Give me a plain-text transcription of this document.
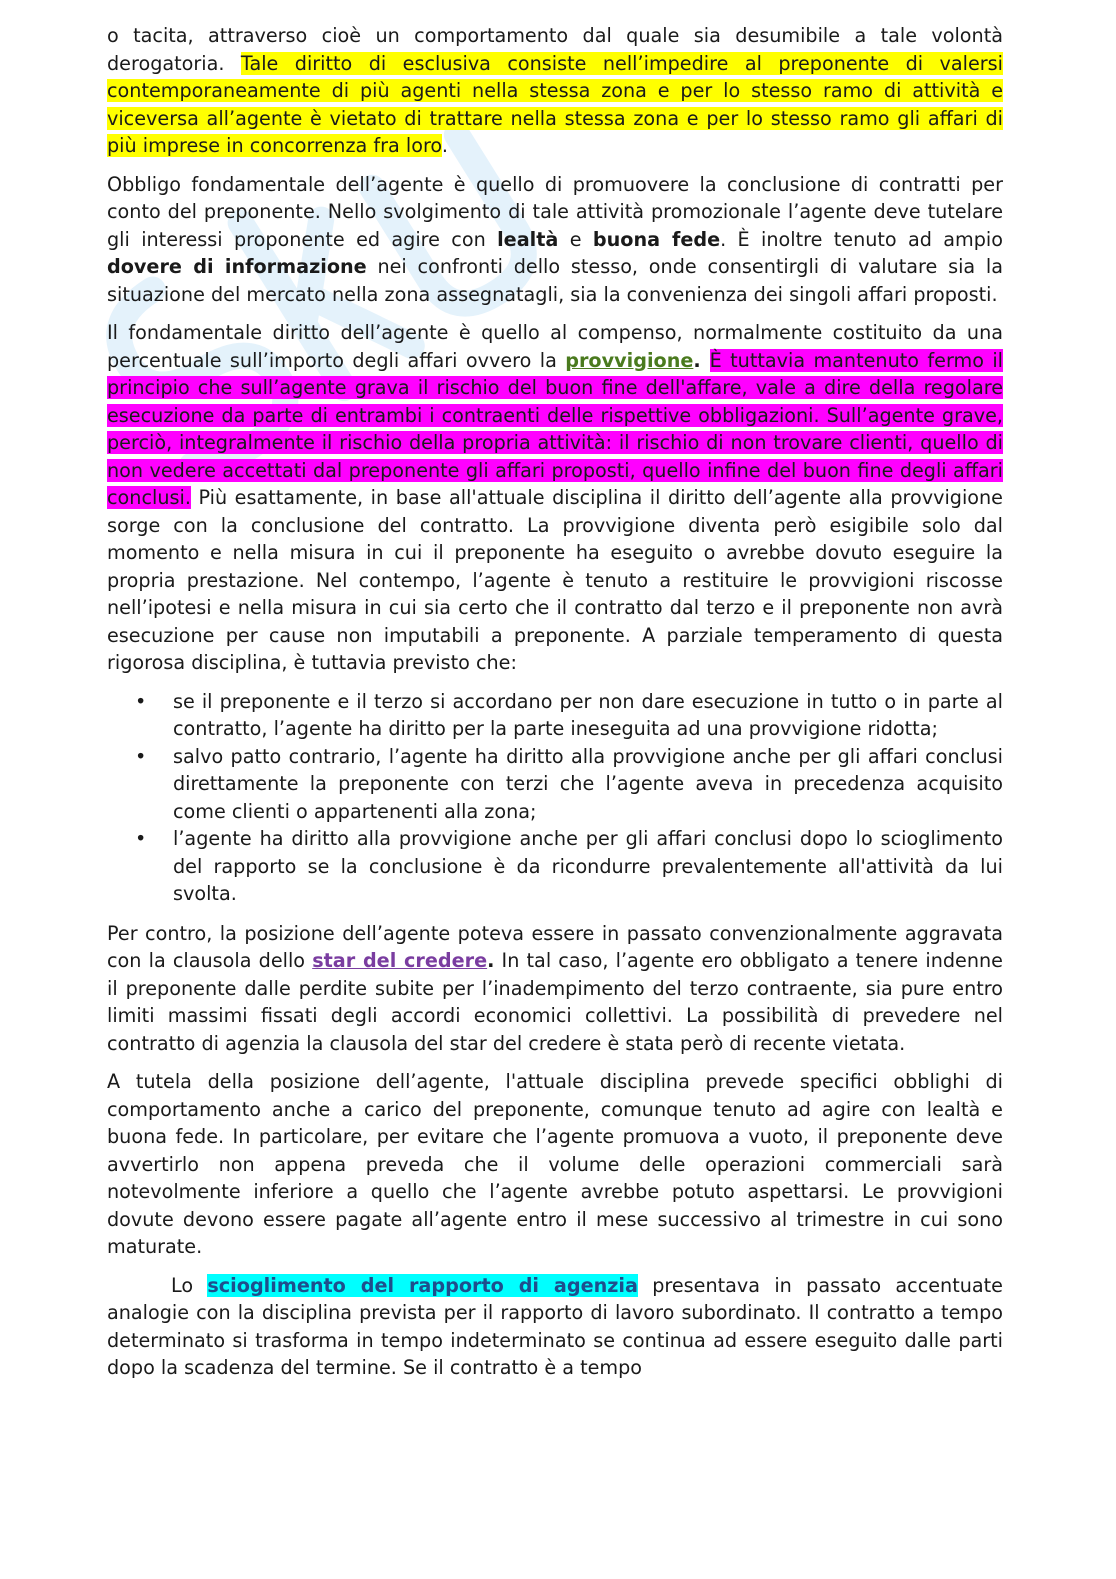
o tacita, attraverso cioè un comportamento dal quale sia desumibile a tale volontà derogatoria. Tale diritto di esclusiva consiste nell’impedire al preponente di valersi contemporaneamente di più agenti nella stessa zona e per lo stesso ramo di attività e viceversa all’agente è vietato di trattare nella stessa zona e per lo stesso ramo gli affari di più imprese in concorrenza fra loro.

Obbligo fondamentale dell’agente è quello di promuovere la conclusione di contratti per conto del preponente. Nello svolgimento di tale attività promozionale l’agente deve tutelare gli interessi proponente ed agire con lealtà e buona fede. È inoltre tenuto ad ampio dovere di informazione nei confronti dello stesso, onde consentirgli di valutare sia la situazione del mercato nella zona assegnatagli, sia la convenienza dei singoli affari proposti.

Il fondamentale diritto dell’agente è quello al compenso, normalmente costituito da una percentuale sull’importo degli affari ovvero la provvigione. È tuttavia mantenuto fermo il principio che sull’agente grava il rischio del buon fine dell'affare, vale a dire della regolare esecuzione da parte di entrambi i contraenti delle rispettive obbligazioni. Sull’agente grave, perciò, integralmente il rischio della propria attività: il rischio di non trovare clienti, quello di non vedere accettati dal preponente gli affari proposti, quello infine del buon fine degli affari conclusi. Più esattamente, in base all'attuale disciplina il diritto dell’agente alla provvigione sorge con la conclusione del contratto. La provvigione diventa però esigibile solo dal momento e nella misura in cui il preponente ha eseguito o avrebbe dovuto eseguire la propria prestazione. Nel contempo, l’agente è tenuto a restituire le provvigioni riscosse nell’ipotesi e nella misura in cui sia certo che il contratto dal terzo e il preponente non avrà esecuzione per cause non imputabili a preponente. A parziale temperamento di questa rigorosa disciplina, è tuttavia previsto che:

• se il preponente e il terzo si accordano per non dare esecuzione in tutto o in parte al contratto, l’agente ha diritto per la parte ineseguita ad una provvigione ridotta;
• salvo patto contrario, l’agente ha diritto alla provvigione anche per gli affari conclusi direttamente la preponente con terzi che l’agente aveva in precedenza acquisito come clienti o appartenenti alla zona;
• l’agente ha diritto alla provvigione anche per gli affari conclusi dopo lo scioglimento del rapporto se la conclusione è da ricondurre prevalentemente all'attività da lui svolta.

Per contro, la posizione dell’agente poteva essere in passato convenzionalmente aggravata con la clausola dello star del credere. In tal caso, l’agente ero obbligato a tenere indenne il preponente dalle perdite subite per l’inadempimento del terzo contraente, sia pure entro limiti massimi fissati degli accordi economici collettivi. La possibilità di prevedere nel contratto di agenzia la clausola del star del credere è stata però di recente vietata.

A tutela della posizione dell’agente, l'attuale disciplina prevede specifici obblighi di comportamento anche a carico del preponente, comunque tenuto ad agire con lealtà e buona fede. In particolare, per evitare che l’agente promuova a vuoto, il preponente deve avvertirlo non appena preveda che il volume delle operazioni commerciali sarà notevolmente inferiore a quello che l’agente avrebbe potuto aspettarsi. Le provvigioni dovute devono essere pagate all’agente entro il mese successivo al trimestre in cui sono maturate.

Lo scioglimento del rapporto di agenzia presentava in passato accentuate analogie con la disciplina prevista per il rapporto di lavoro subordinato. Il contratto a tempo determinato si trasforma in tempo indeterminato se continua ad essere eseguito dalle parti dopo la scadenza del termine. Se il contratto è a tempo
